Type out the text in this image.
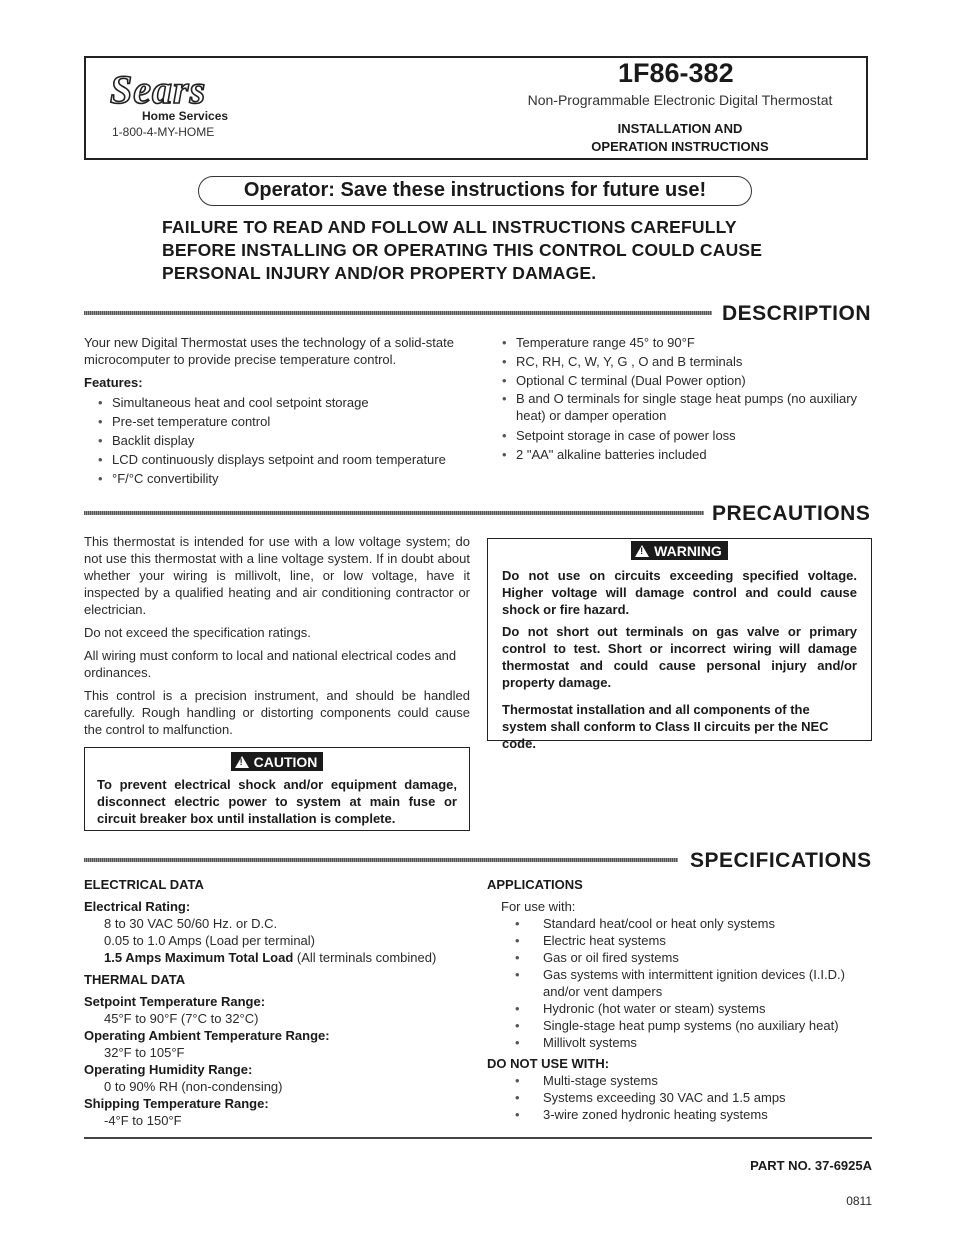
Sears
Home Services
1-800-4-MY-HOME
1F86-382
Non-Programmable Electronic Digital Thermostat
INSTALLATION AND
OPERATION INSTRUCTIONS
Operator: Save these instructions for future use!
FAILURE TO READ AND FOLLOW ALL INSTRUCTIONS CAREFULLY
BEFORE INSTALLING OR OPERATING THIS CONTROL COULD CAUSE
PERSONAL INJURY AND/OR PROPERTY DAMAGE.
DESCRIPTION
Your new Digital Thermostat uses the technology of a solid-state microcomputer to provide precise temperature control.
Features:
• Simultaneous heat and cool setpoint storage
• Pre-set temperature control
• Backlit display
• LCD continuously displays setpoint and room temperature
• °F/°C convertibility
• Temperature range 45° to 90°F
• RC, RH, C, W, Y, G , O and B terminals
• Optional C terminal (Dual Power option)
• B and O terminals for single stage heat pumps (no auxiliary heat) or damper operation
• Setpoint storage in case of power loss
• 2 "AA" alkaline batteries included
PRECAUTIONS
This thermostat is intended for use with a low voltage system; do not use this thermostat with a line voltage system. If in doubt about whether your wiring is millivolt, line, or low voltage, have it inspected by a qualified heating and air conditioning contractor or electrician.
Do not exceed the specification ratings.
All wiring must conform to local and national electrical codes and ordinances.
This control is a precision instrument, and should be handled carefully. Rough handling or distorting components could cause the control to malfunction.
!CAUTION
To prevent electrical shock and/or equipment damage, disconnect electric power to system at main fuse or circuit breaker box until installation is complete.
!WARNING
Do not use on circuits exceeding specified voltage. Higher voltage will damage control and could cause shock or fire hazard.
Do not short out terminals on gas valve or primary control to test. Short or incorrect wiring will damage thermostat and could cause personal injury and/or property damage.
Thermostat installation and all components of the system shall conform to Class II circuits per the NEC code.
SPECIFICATIONS
ELECTRICAL DATA
Electrical Rating:
8 to 30 VAC 50/60 Hz. or D.C.
0.05 to 1.0 Amps (Load per terminal)
1.5 Amps Maximum Total Load (All terminals combined)
THERMAL DATA
Setpoint Temperature Range:
45°F to 90°F (7°C to 32°C)
Operating Ambient Temperature Range:
32°F to 105°F
Operating Humidity Range:
0 to 90% RH (non-condensing)
Shipping Temperature Range:
-4°F to 150°F
APPLICATIONS
For use with:
• Standard heat/cool or heat only systems
• Electric heat systems
• Gas or oil fired systems
• Gas systems with intermittent ignition devices (I.I.D.) and/or vent dampers
• Hydronic (hot water or steam) systems
• Single-stage heat pump systems (no auxiliary heat)
• Millivolt systems
DO NOT USE WITH:
• Multi-stage systems
• Systems exceeding 30 VAC and 1.5 amps
• 3-wire zoned hydronic heating systems
PART NO. 37-6925A
0811
